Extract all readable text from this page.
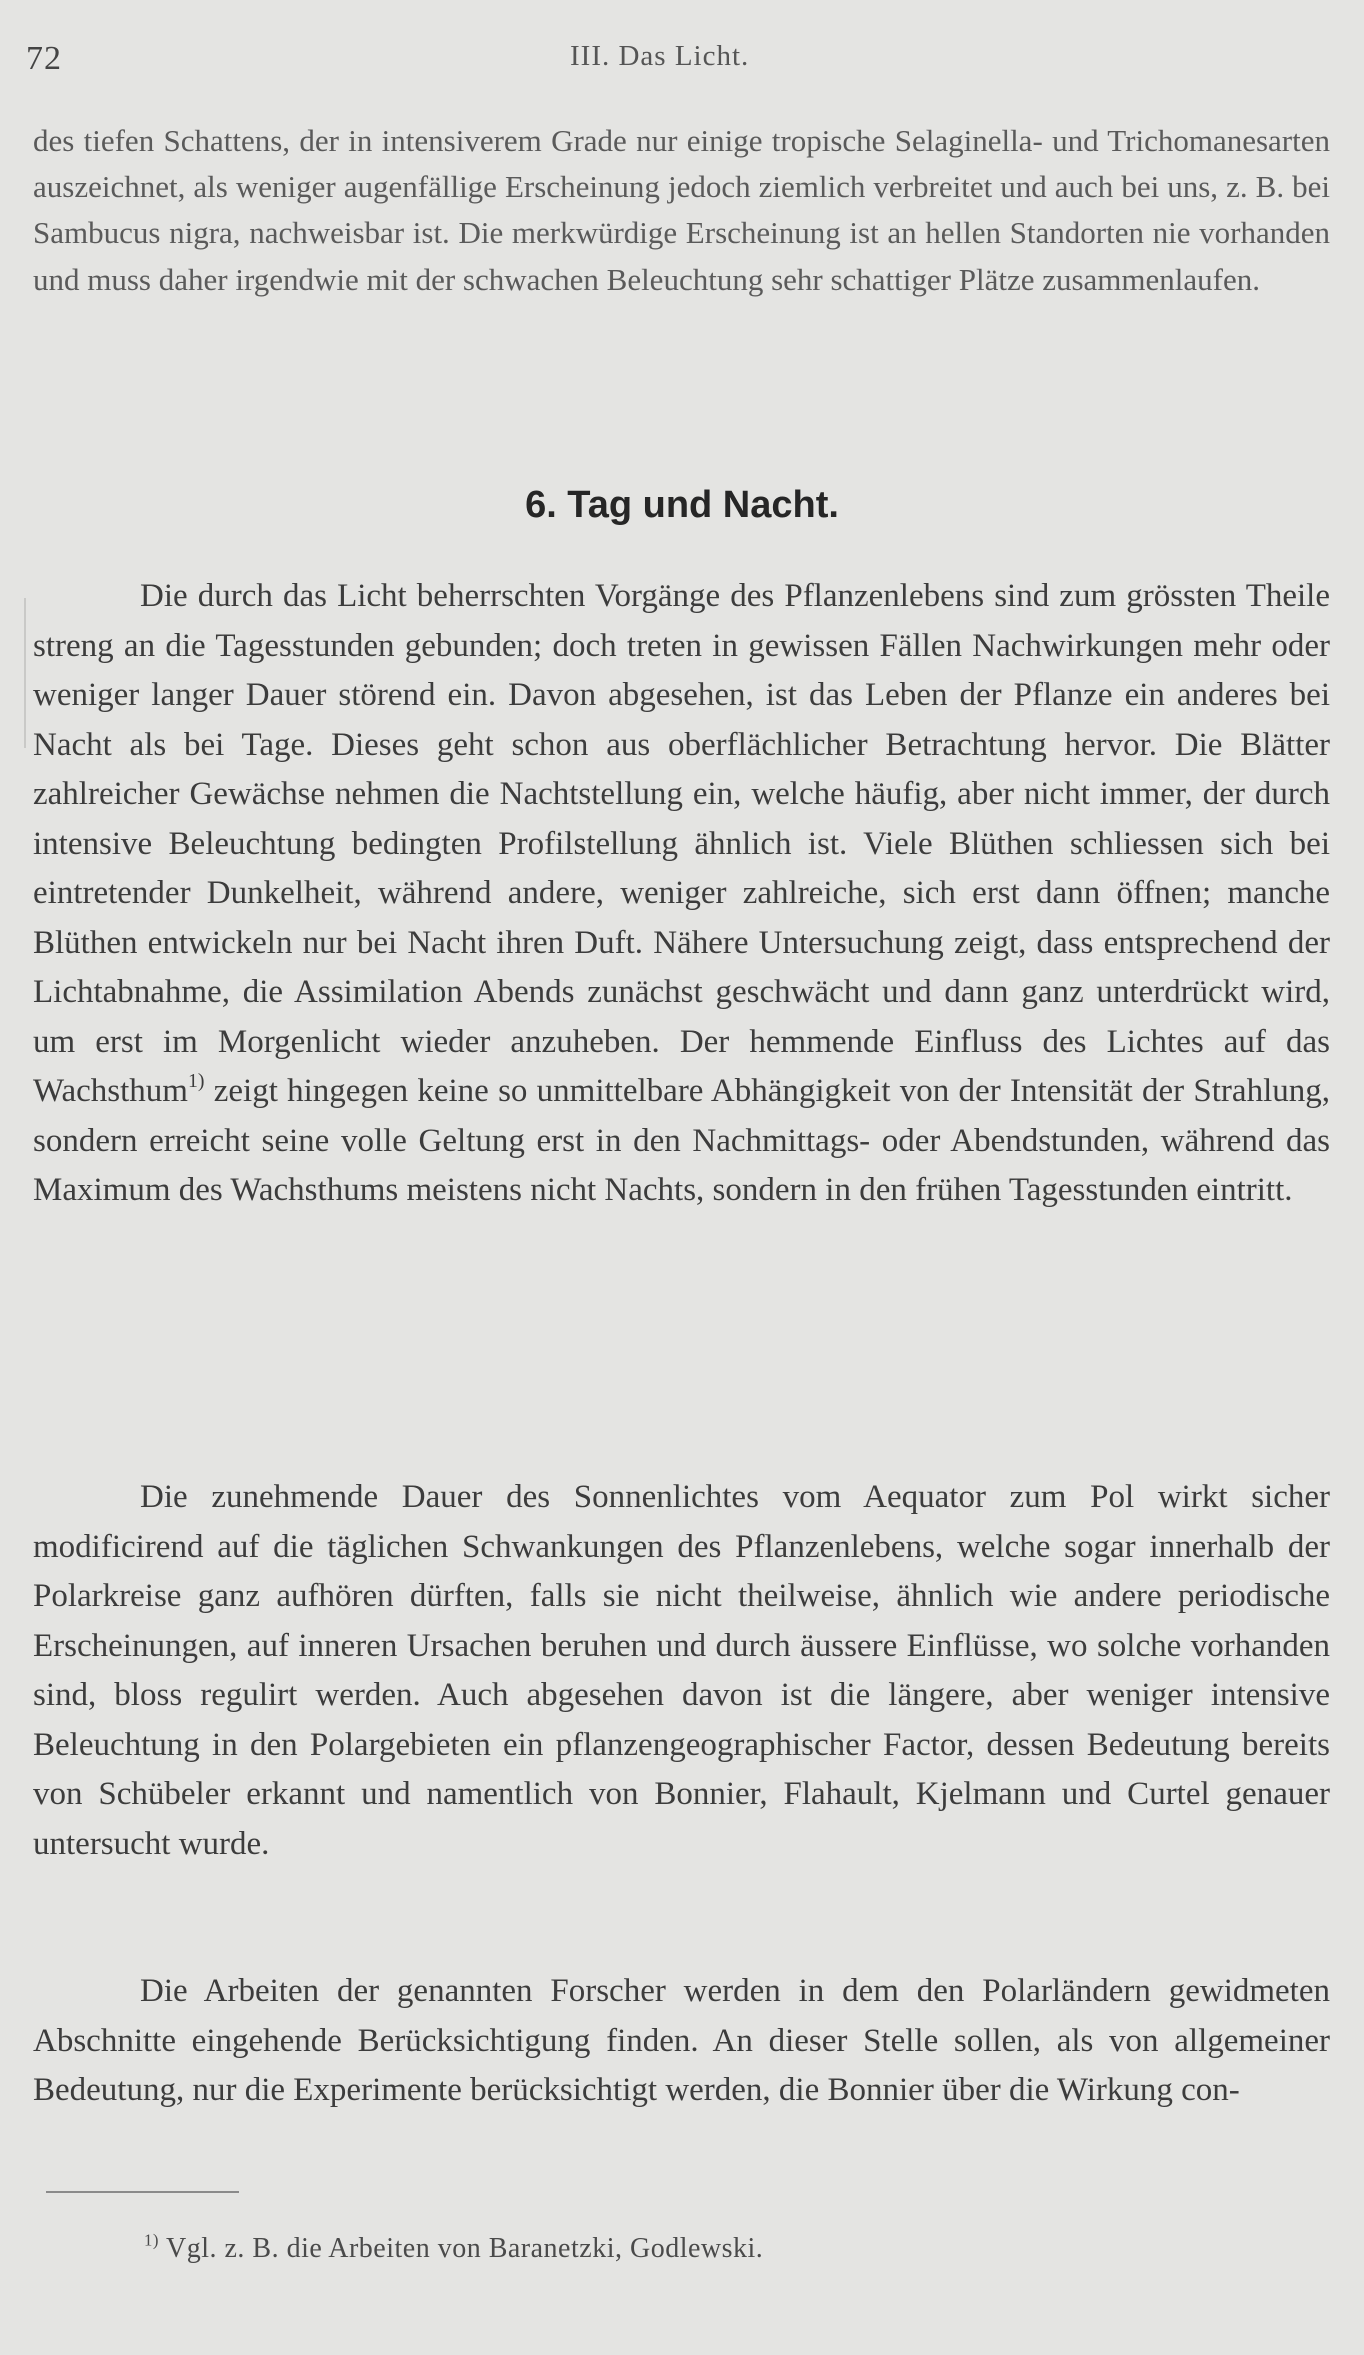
72	III. Das Licht.

des tiefen Schattens, der in intensiverem Grade nur einige tropische Selaginella- und Trichomanesarten auszeichnet, als weniger augenfällige Erscheinung jedoch ziemlich verbreitet und auch bei uns, z. B. bei Sambucus nigra, nachweisbar ist. Die merkwürdige Erscheinung ist an hellen Standorten nie vorhanden und muss daher irgendwie mit der schwachen Beleuchtung sehr schattiger Plätze zusammenlaufen.

6. Tag und Nacht.

Die durch das Licht beherrschten Vorgänge des Pflanzenlebens sind zum grössten Theile streng an die Tagesstunden gebunden; doch treten in gewissen Fällen Nachwirkungen mehr oder weniger langer Dauer störend ein. Davon abgesehen, ist das Leben der Pflanze ein anderes bei Nacht als bei Tage. Dieses geht schon aus oberflächlicher Betrachtung hervor. Die Blätter zahlreicher Gewächse nehmen die Nachtstellung ein, welche häufig, aber nicht immer, der durch intensive Beleuchtung bedingten Profilstellung ähnlich ist. Viele Blüthen schliessen sich bei eintretender Dunkelheit, während andere, weniger zahlreiche, sich erst dann öffnen; manche Blüthen entwickeln nur bei Nacht ihren Duft. Nähere Untersuchung zeigt, dass entsprechend der Lichtabnahme, die Assimilation Abends zunächst geschwächt und dann ganz unterdrückt wird, um erst im Morgenlicht wieder anzuheben. Der hemmende Einfluss des Lichtes auf das Wachsthum$^{1)}$ zeigt hingegen keine so unmittelbare Abhängigkeit von der Intensität der Strahlung, sondern erreicht seine volle Geltung erst in den Nachmittags- oder Abendstunden, während das Maximum des Wachsthums meistens nicht Nachts, sondern in den frühen Tagesstunden eintritt.

Die zunehmende Dauer des Sonnenlichtes vom Aequator zum Pol wirkt sicher modificirend auf die täglichen Schwankungen des Pflanzenlebens, welche sogar innerhalb der Polarkreise ganz aufhören dürften, falls sie nicht theilweise, ähnlich wie andere periodische Erscheinungen, auf inneren Ursachen beruhen und durch äussere Einflüsse, wo solche vorhanden sind, bloss regulirt werden. Auch abgesehen davon ist die längere, aber weniger intensive Beleuchtung in den Polargebieten ein pflanzengeographischer Factor, dessen Bedeutung bereits von Schübeler erkannt und namentlich von Bonnier, Flahault, Kjelmann und Curtel genauer untersucht wurde.

Die Arbeiten der genannten Forscher werden in dem den Polarländern gewidmeten Abschnitte eingehende Berücksichtigung finden. An dieser Stelle sollen, als von allgemeiner Bedeutung, nur die Experimente berücksichtigt werden, die Bonnier über die Wirkung con-

$^{1)}$ Vgl. z. B. die Arbeiten von Baranetzki, Godlewski.
